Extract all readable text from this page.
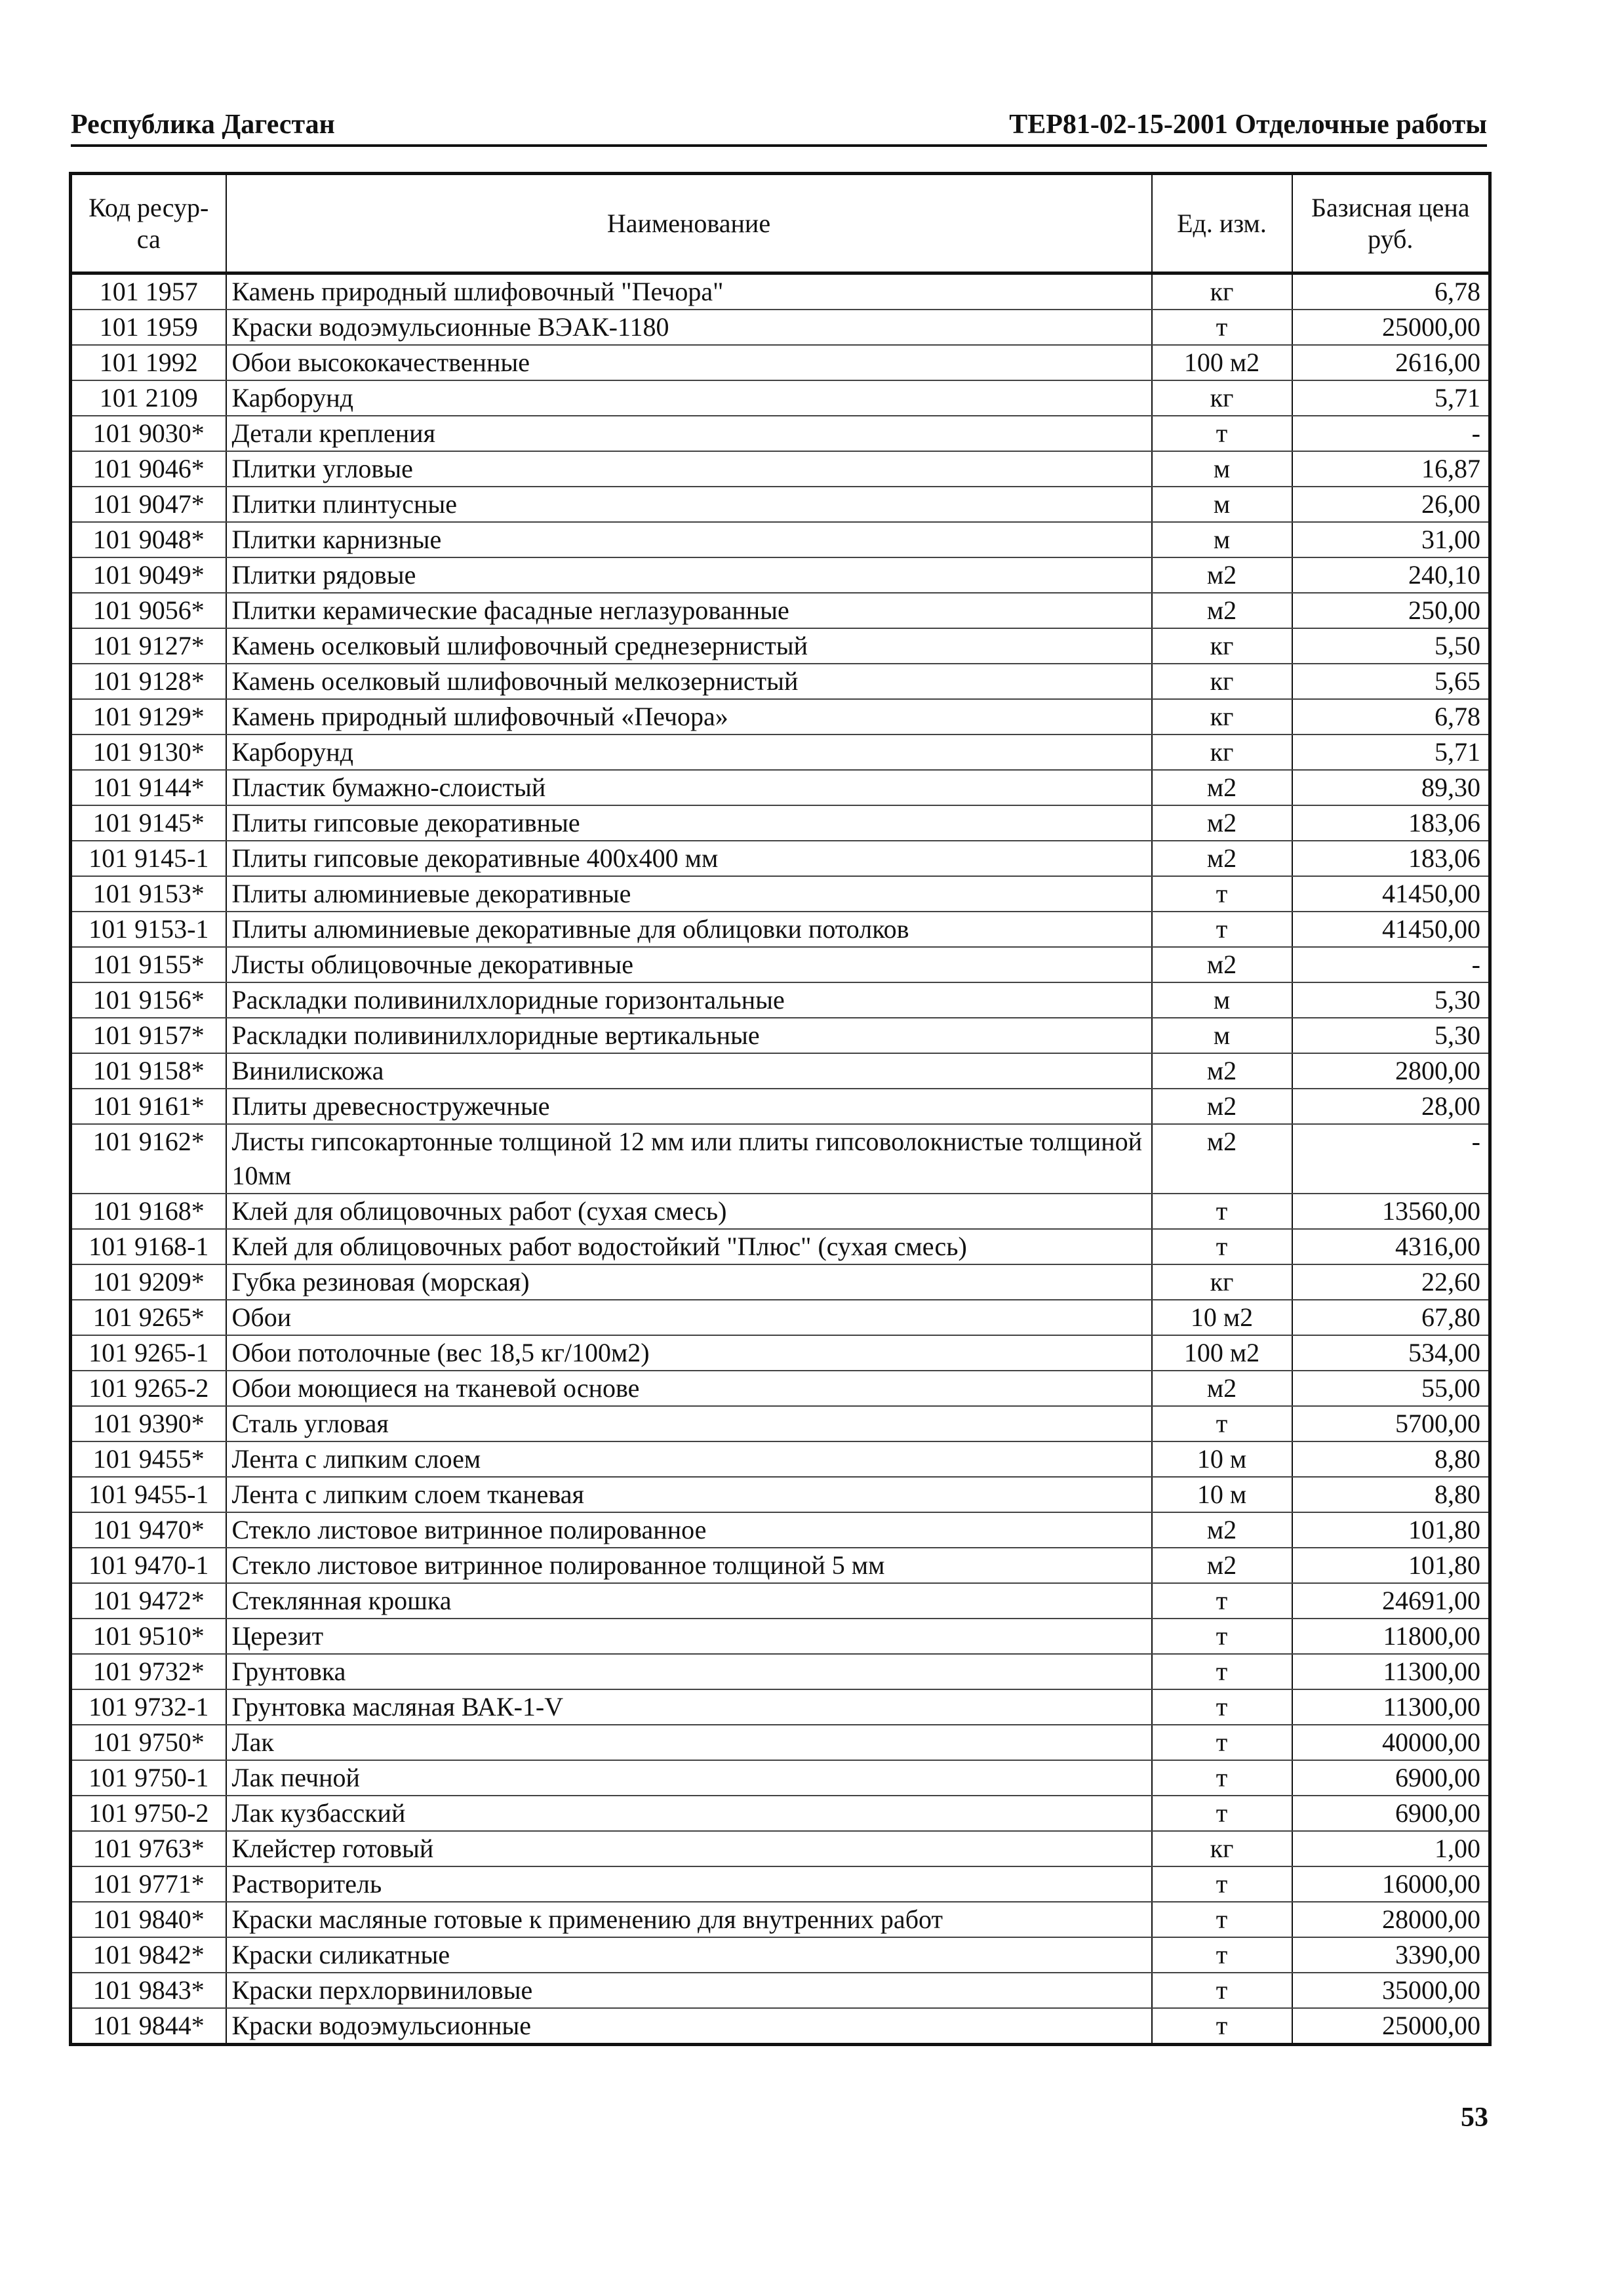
Республика Дагестан	ТЕР81-02-15-2001 Отделочные работы
Код ресур-
са	Наименование	Ед. изм.	Базисная цена
руб.
101 1957	Камень природный шлифовочный "Печора"	кг	6,78
101 1959	Краски водоэмульсионные ВЭАК-1180	т	25000,00
101 1992	Обои высококачественные	100 м2	2616,00
101 2109	Карборунд	кг	5,71
101 9030*	Детали крепления	т	-
101 9046*	Плитки угловые	м	16,87
101 9047*	Плитки плинтусные	м	26,00
101 9048*	Плитки карнизные	м	31,00
101 9049*	Плитки рядовые	м2	240,10
101 9056*	Плитки керамические фасадные неглазурованные	м2	250,00
101 9127*	Камень оселковый шлифовочный среднезернистый	кг	5,50
101 9128*	Камень оселковый шлифовочный мелкозернистый	кг	5,65
101 9129*	Камень природный шлифовочный «Печора»	кг	6,78
101 9130*	Карборунд	кг	5,71
101 9144*	Пластик бумажно-слоистый	м2	89,30
101 9145*	Плиты гипсовые декоративные	м2	183,06
101 9145-1	Плиты гипсовые декоративные 400х400 мм	м2	183,06
101 9153*	Плиты алюминиевые декоративные	т	41450,00
101 9153-1	Плиты алюминиевые декоративные для облицовки потолков	т	41450,00
101 9155*	Листы облицовочные декоративные	м2	-
101 9156*	Раскладки поливинилхлоридные горизонтальные	м	5,30
101 9157*	Раскладки поливинилхлоридные вертикальные	м	5,30
101 9158*	Винилискожа	м2	2800,00
101 9161*	Плиты древесностружечные	м2	28,00
101 9162*	Листы гипсокартонные толщиной 12 мм или плиты гипсоволокнистые толщиной 10мм	м2	-
101 9168*	Клей для облицовочных работ (сухая смесь)	т	13560,00
101 9168-1	Клей для облицовочных работ водостойкий "Плюс" (сухая смесь)	т	4316,00
101 9209*	Губка резиновая (морская)	кг	22,60
101 9265*	Обои	10 м2	67,80
101 9265-1	Обои потолочные (вес 18,5 кг/100м2)	100 м2	534,00
101 9265-2	Обои моющиеся на тканевой основе	м2	55,00
101 9390*	Сталь угловая	т	5700,00
101 9455*	Лента с липким слоем	10 м	8,80
101 9455-1	Лента с липким слоем тканевая	10 м	8,80
101 9470*	Стекло листовое витринное полированное	м2	101,80
101 9470-1	Стекло листовое витринное полированное толщиной 5 мм	м2	101,80
101 9472*	Стеклянная крошка	т	24691,00
101 9510*	Церезит	т	11800,00
101 9732*	Грунтовка	т	11300,00
101 9732-1	Грунтовка масляная ВАК-1-V	т	11300,00
101 9750*	Лак	т	40000,00
101 9750-1	Лак печной	т	6900,00
101 9750-2	Лак кузбасский	т	6900,00
101 9763*	Клейстер готовый	кг	1,00
101 9771*	Растворитель	т	16000,00
101 9840*	Краски масляные готовые к применению для внутренних работ	т	28000,00
101 9842*	Краски силикатные	т	3390,00
101 9843*	Краски перхлорвиниловые	т	35000,00
101 9844*	Краски водоэмульсионные	т	25000,00
53
